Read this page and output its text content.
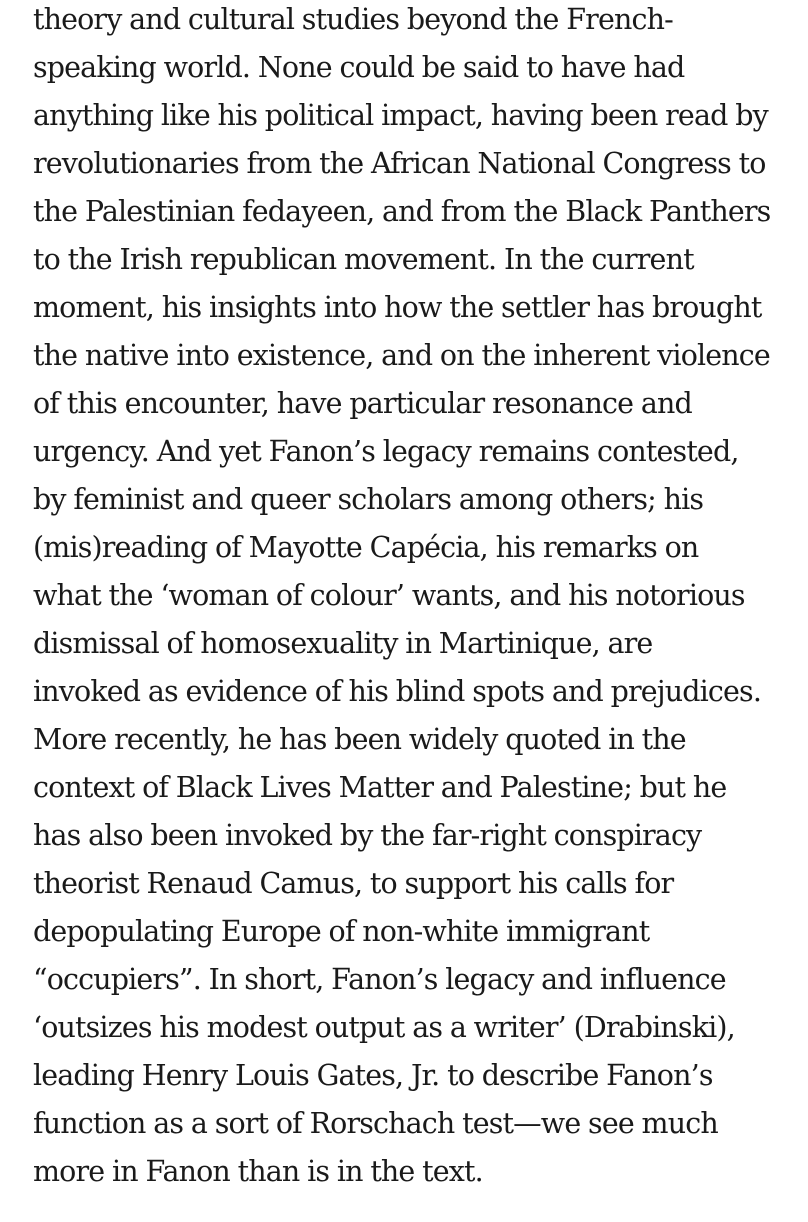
theory and cultural studies beyond the French-
speaking world. None could be said to have had
anything like his political impact, having been read by
revolutionaries from the African National Congress to
the Palestinian fedayeen, and from the Black Panthers
to the Irish republican movement. In the current
moment, his insights into how the settler has brought
the native into existence, and on the inherent violence
of this encounter, have particular resonance and
urgency. And yet Fanon’s legacy remains contested,
by feminist and queer scholars among others; his
(mis)reading of Mayotte Capécia, his remarks on
what the ‘woman of colour’ wants, and his notorious
dismissal of homosexuality in Martinique, are
invoked as evidence of his blind spots and prejudices.
More recently, he has been widely quoted in the
context of Black Lives Matter and Palestine; but he
has also been invoked by the far-right conspiracy
theorist Renaud Camus, to support his calls for
depopulating Europe of non-white immigrant
“occupiers”. In short, Fanon’s legacy and influence
‘outsizes his modest output as a writer’ (Drabinski),
leading Henry Louis Gates, Jr. to describe Fanon’s
function as a sort of Rorschach test—we see much
more in Fanon than is in the text.
